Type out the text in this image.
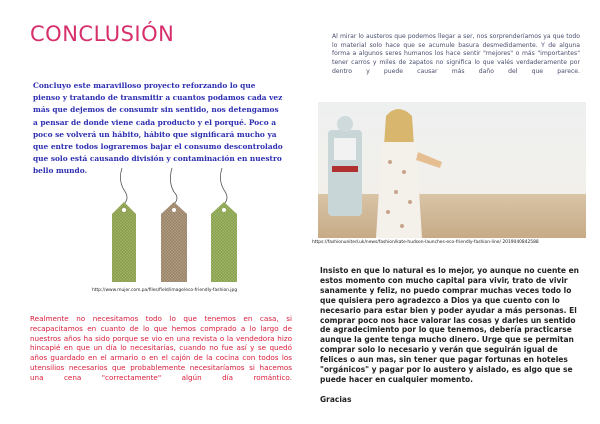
CONCLUSIÓN
Concluyo este maravilloso proyecto reforzando lo que pienso y tratando de transmitir a cuantos podamos cada vez más que dejemos de consumir sin sentido, nos detengamos a pensar de donde viene cada producto y el porqué. Poco a poco se volverá un hábito, hábito que significará mucho ya que entre todos lograremos bajar el consumo descontrolado que solo está causando división y contaminación en nuestro bello mundo.
http://www.mujer.com.pa/files/field/image/eco-friendly-fashion.jpg
Realmente no necesitamos todo lo que tenemos en casa, si recapacitamos en cuanto de lo que hemos comprado a lo largo de nuestros años ha sido porque se vio en una revista o la vendedora hizo hincapié en que un día lo necesitarías, cuando no fue así y se quedó años guardado en el armario o en el cajón de la cocina con todos los utensilios necesarios que probablemente necesitaríamos si hacemos una cena "correctamente" algún día romántico.
Al mirar lo austeros que podemos llegar a ser, nos sorprenderíamos ya que todo lo material solo hace que se acumule basura desmedidamente. Y de alguna forma a algunos seres humanos los hace sentir "mejores" o más "importantes" tener carros y miles de zapatos no significa lo que valés verdaderamente por dentro y puede causar más daño del que parece.
https://fashionunited.uk/news/fashion/kate-hudson-launches-eco-friendly-fashion-line/ 2019040842588
Insisto en que lo natural es lo mejor, yo aunque no cuente en estos momento con mucho capital para vivir, trato de vivir sanamente y feliz, no puedo comprar muchas veces todo lo que quisiera pero agradezco a Dios ya que cuento con lo necesario para estar bien y poder ayudar a más personas. El comprar poco nos hace valorar las cosas y darles un sentido de agradecimiento por lo que tenemos, debería practicarse aunque la gente tenga mucho dinero. Urge que se permitan comprar solo lo necesario y verán que seguirán igual de felices o aun mas, sin tener que pagar fortunas en hoteles "orgánicos" y pagar por lo austero y aislado, es algo que se puede hacer en cualquier momento.
Gracias
